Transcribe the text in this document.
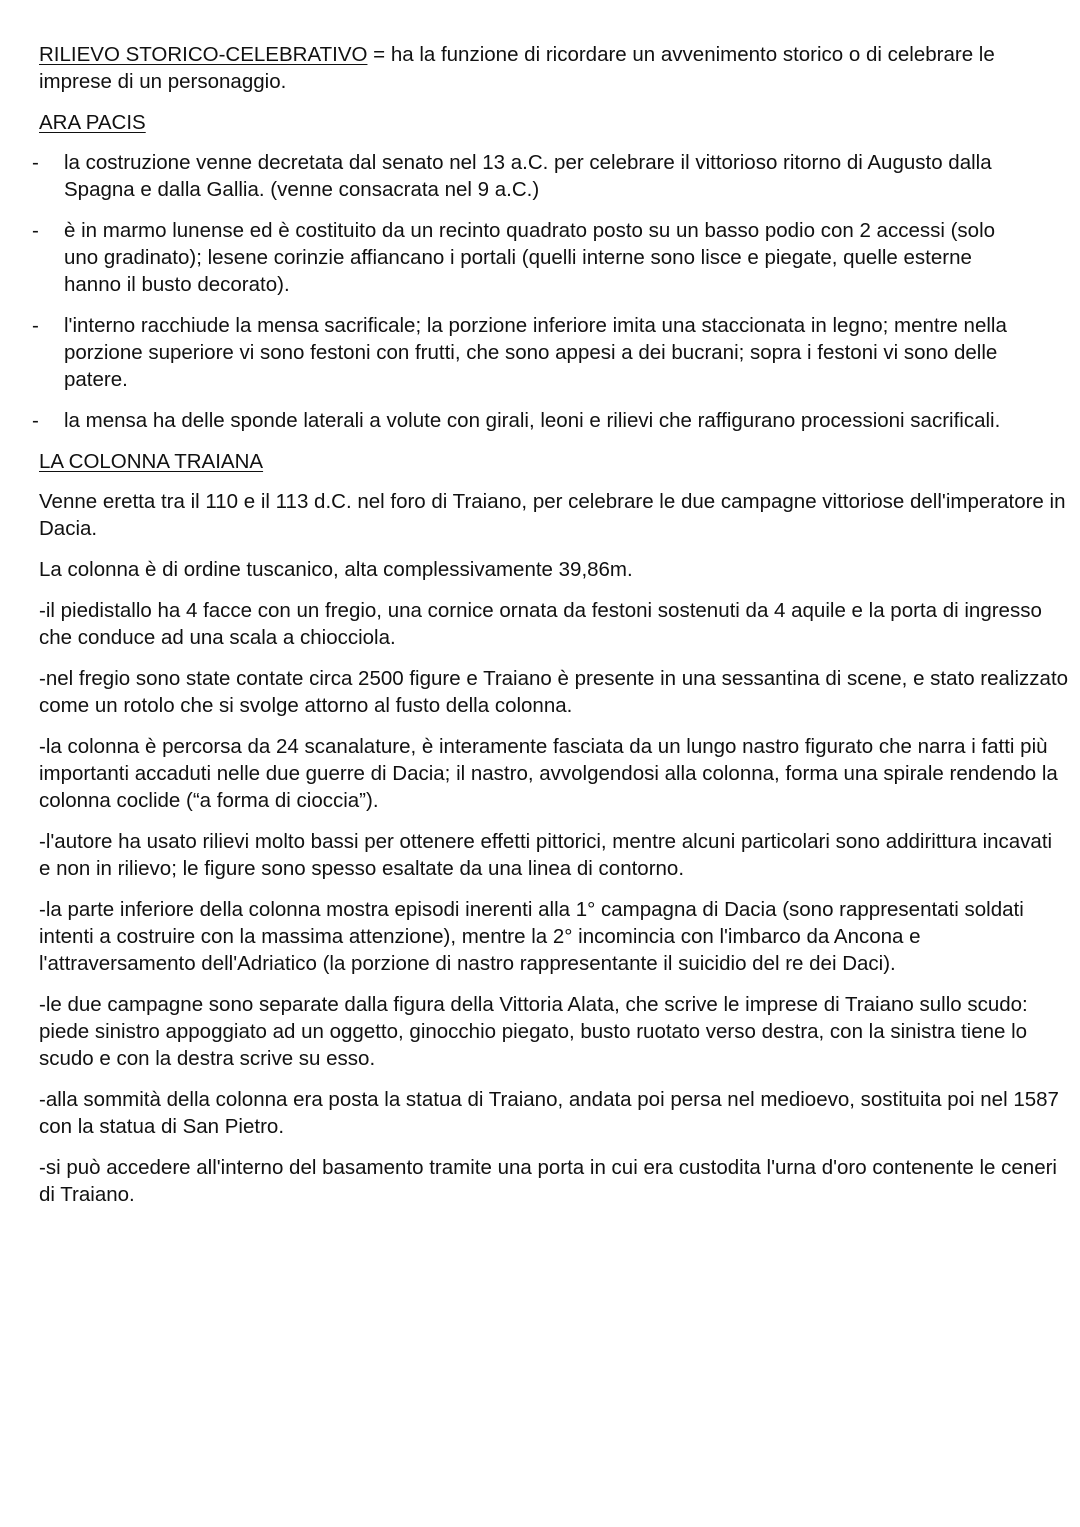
RILIEVO STORICO-CELEBRATIVO = ha la funzione di ricordare un avvenimento storico o di celebrare le imprese di un personaggio.

ARA PACIS

- la costruzione venne decretata dal senato nel 13 a.C. per celebrare il vittorioso ritorno di Augusto dalla Spagna e dalla Gallia. (venne consacrata nel 9 a.C.)
- è in marmo lunense ed è costituito da un recinto quadrato posto su un basso podio con 2 accessi (solo uno gradinato); lesene corinzie affiancano i portali (quelli interne sono lisce e piegate, quelle esterne hanno il busto decorato).
- l'interno racchiude la mensa sacrificale; la porzione inferiore imita una staccionata in legno; mentre nella porzione superiore vi sono festoni con frutti, che sono appesi a dei bucrani; sopra i festoni vi sono delle patere.
- la mensa ha delle sponde laterali a volute con girali, leoni e rilievi che raffigurano processioni sacrificali.

LA COLONNA TRAIANA

Venne eretta tra il 110 e il 113 d.C. nel foro di Traiano, per celebrare le due campagne vittoriose dell'imperatore in Dacia.

La colonna è di ordine tuscanico, alta complessivamente 39,86m.

-il piedistallo ha 4 facce con un fregio, una cornice ornata da festoni sostenuti da 4 aquile e la porta di ingresso che conduce ad una scala a chiocciola.

-nel fregio sono state contate circa 2500 figure e Traiano è presente in una sessantina di scene, e stato realizzato come un rotolo che si svolge attorno al fusto della colonna.

-la colonna è percorsa da 24 scanalature, è interamente fasciata da un lungo nastro figurato che narra i fatti più importanti accaduti nelle due guerre di Dacia; il nastro, avvolgendosi alla colonna, forma una spirale rendendo la colonna coclide (“a forma di cioccia”).

-l'autore ha usato rilievi molto bassi per ottenere effetti pittorici, mentre alcuni particolari sono addirittura incavati e non in rilievo; le figure sono spesso esaltate da una linea di contorno.

-la parte inferiore della colonna mostra episodi inerenti alla 1° campagna di Dacia (sono rappresentati soldati intenti a costruire con la massima attenzione), mentre la 2° incomincia con l'imbarco da Ancona e l'attraversamento dell'Adriatico (la porzione di nastro rappresentante il suicidio del re dei Daci).

-le due campagne sono separate dalla figura della Vittoria Alata, che scrive le imprese di Traiano sullo scudo: piede sinistro appoggiato ad un oggetto, ginocchio piegato, busto ruotato verso destra, con la sinistra tiene lo scudo e con la destra scrive su esso.

-alla sommità della colonna era posta la statua di Traiano, andata poi persa nel medioevo, sostituita poi nel 1587 con la statua di San Pietro.

-si può accedere all'interno del basamento tramite una porta in cui era custodita l'urna d'oro contenente le ceneri di Traiano.
